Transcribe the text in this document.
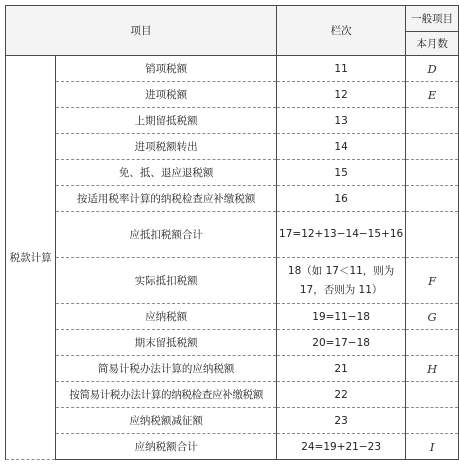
项目		栏次	一般项目
			本月数
税款计算	销项税额	11	D
	进项税额	12	E
	上期留抵税额	13	
	进项税额转出	14	
	免、抵、退应退税额	15	
	按适用税率计算的纳税检查应补缴税额	16	
	应抵扣税额合计	17=12+13−14−15+16	
	实际抵扣税额	18（如 17＜11，则为 17，否则为 11）	F
	应纳税额	19=11−18	G
	期末留抵税额	20=17−18	
	简易计税办法计算的应纳税额	21	H
	按简易计税办法计算的纳税检查应补缴税额	22	
	应纳税额减征额	23	
	应纳税额合计	24=19+21−23	I
